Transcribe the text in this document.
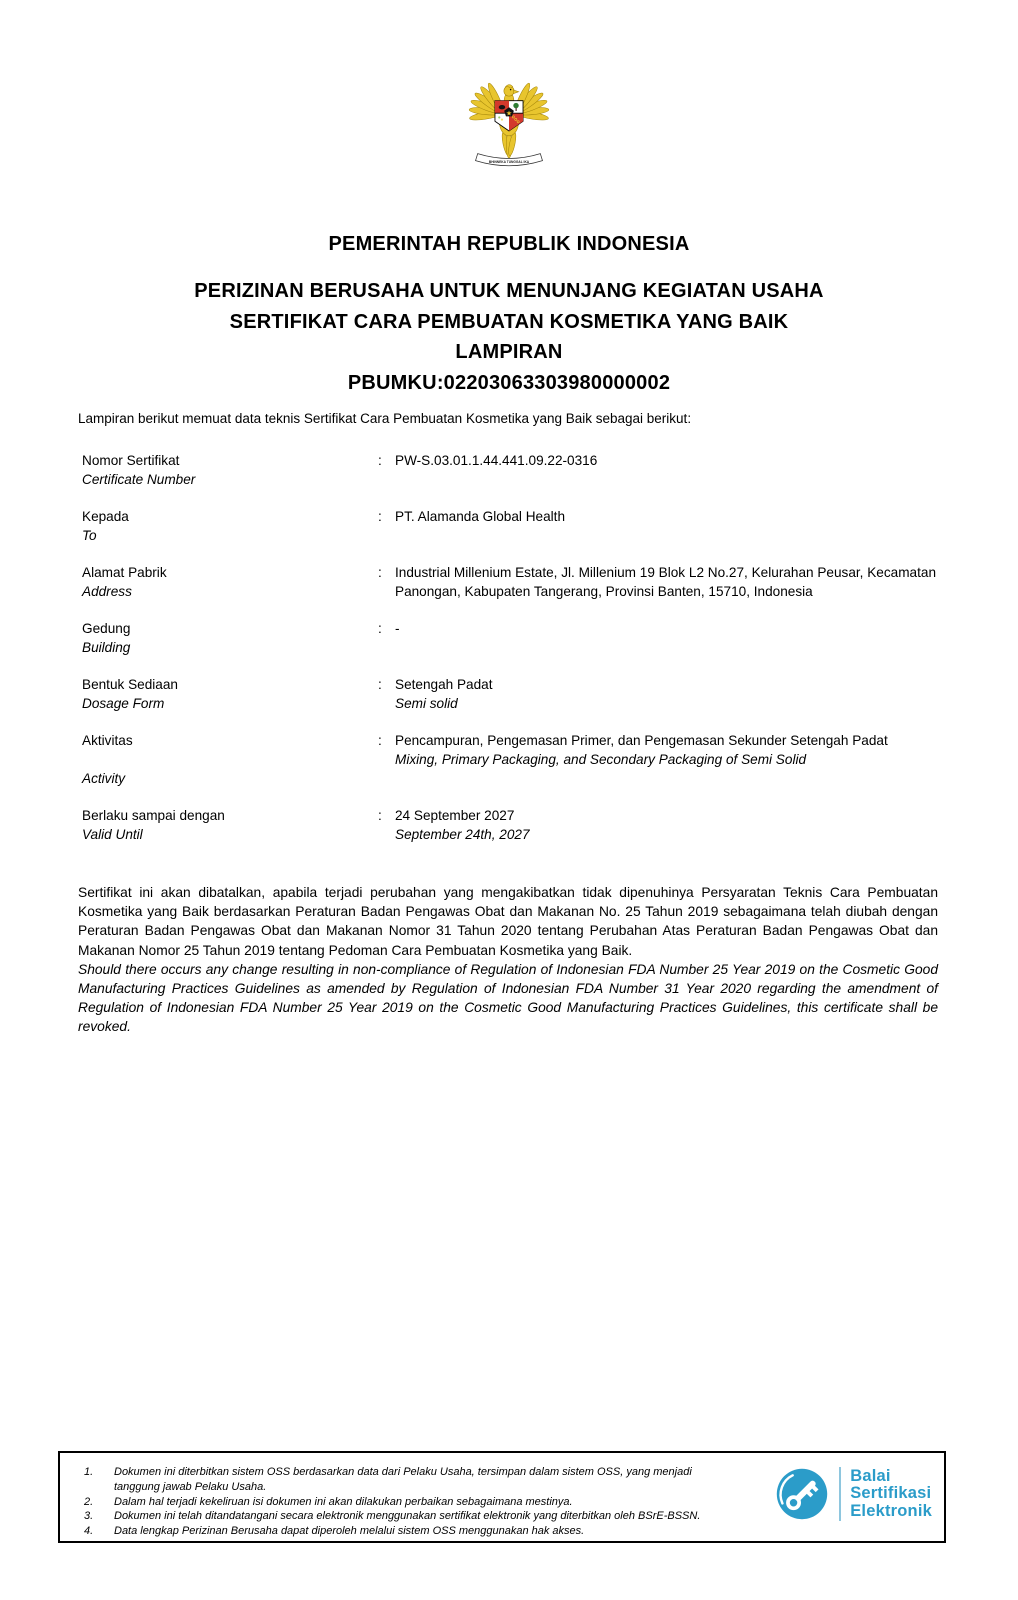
★
BHINNEKA TUNGGAL IKA
PEMERINTAH REPUBLIK INDONESIA
PERIZINAN BERUSAHA UNTUK MENUNJANG KEGIATAN USAHA
SERTIFIKAT CARA PEMBUATAN KOSMETIKA YANG BAIK
LAMPIRAN
PBUMKU:02203063303980000002
Lampiran berikut memuat data teknis Sertifikat Cara Pembuatan Kosmetika yang Baik sebagai berikut:
Nomor Sertifikat
Certificate Number
: PW-S.03.01.1.44.441.09.22-0316
Kepada
To
: PT. Alamanda Global Health
Alamat Pabrik
Address
: Industrial Millenium Estate, Jl. Millenium 19 Blok L2 No.27, Kelurahan Peusar, Kecamatan Panongan, Kabupaten Tangerang, Provinsi Banten, 15710, Indonesia
Gedung
Building
: -
Bentuk Sediaan
Dosage Form
: Setengah Padat
Semi solid
Aktivitas
Activity
: Pencampuran, Pengemasan Primer, dan Pengemasan Sekunder Setengah Padat
Mixing, Primary Packaging, and Secondary Packaging of Semi Solid
Berlaku sampai dengan
Valid Until
: 24 September 2027
September 24th, 2027
Sertifikat ini akan dibatalkan, apabila terjadi perubahan yang mengakibatkan tidak dipenuhinya Persyaratan Teknis Cara Pembuatan Kosmetika yang Baik berdasarkan Peraturan Badan Pengawas Obat dan Makanan No. 25 Tahun 2019 sebagaimana telah diubah dengan Peraturan Badan Pengawas Obat dan Makanan Nomor 31 Tahun 2020 tentang Perubahan Atas Peraturan Badan Pengawas Obat dan Makanan Nomor 25 Tahun 2019 tentang Pedoman Cara Pembuatan Kosmetika yang Baik.
Should there occurs any change resulting in non-compliance of Regulation of Indonesian FDA Number 25 Year 2019 on the Cosmetic Good Manufacturing Practices Guidelines as amended by Regulation of Indonesian FDA Number 31 Year 2020 regarding the amendment of Regulation of Indonesian FDA Number 25 Year 2019 on the Cosmetic Good Manufacturing Practices Guidelines, this certificate shall be revoked.
1.	Dokumen ini diterbitkan sistem OSS berdasarkan data dari Pelaku Usaha, tersimpan dalam sistem OSS, yang menjadi tanggung jawab Pelaku Usaha.
2.	Dalam hal terjadi kekeliruan isi dokumen ini akan dilakukan perbaikan sebagaimana mestinya.
3.	Dokumen ini telah ditandatangani secara elektronik menggunakan sertifikat elektronik yang diterbitkan oleh BSrE-BSSN.
4.	Data lengkap Perizinan Berusaha dapat diperoleh melalui sistem OSS menggunakan hak akses.
Balai
Sertifikasi
Elektronik
